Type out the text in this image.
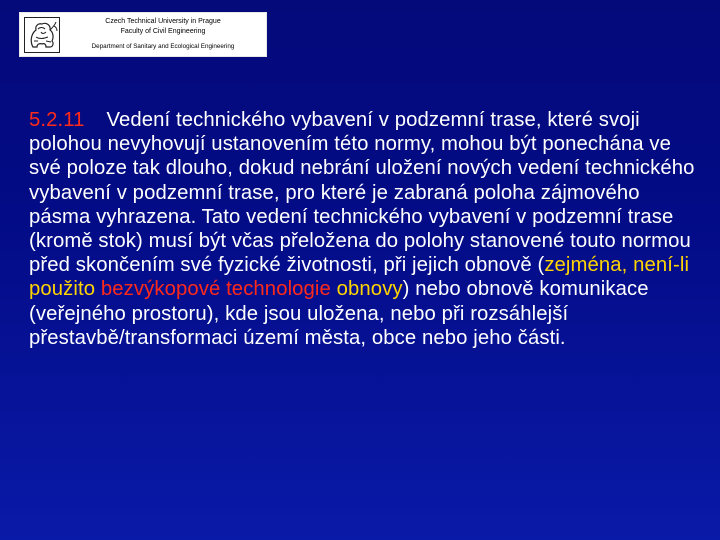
Czech Technical University in Prague
Faculty of Civil Engineering
Department of Sanitary and Ecological Engineering
5.2.11 Vedení technického vybavení v podzemní trase, které svoji polohou nevyhovují ustanovením této normy, mohou být ponechána ve své poloze tak dlouho, dokud nebrání uložení nových vedení technického vybavení v podzemní trase, pro které je zabraná poloha zájmového pásma vyhrazena. Tato vedení technického vybavení v podzemní trase (kromě stok) musí být včas přeložena do polohy stanovené touto normou před skončením své fyzické životnosti, při jejich obnově (zejména, není-li použito bezvýkopové technologie obnovy) nebo obnově komunikace (veřejného prostoru), kde jsou uložena, nebo při rozsáhlejší přestavbě/transformaci území města, obce nebo jeho části.
